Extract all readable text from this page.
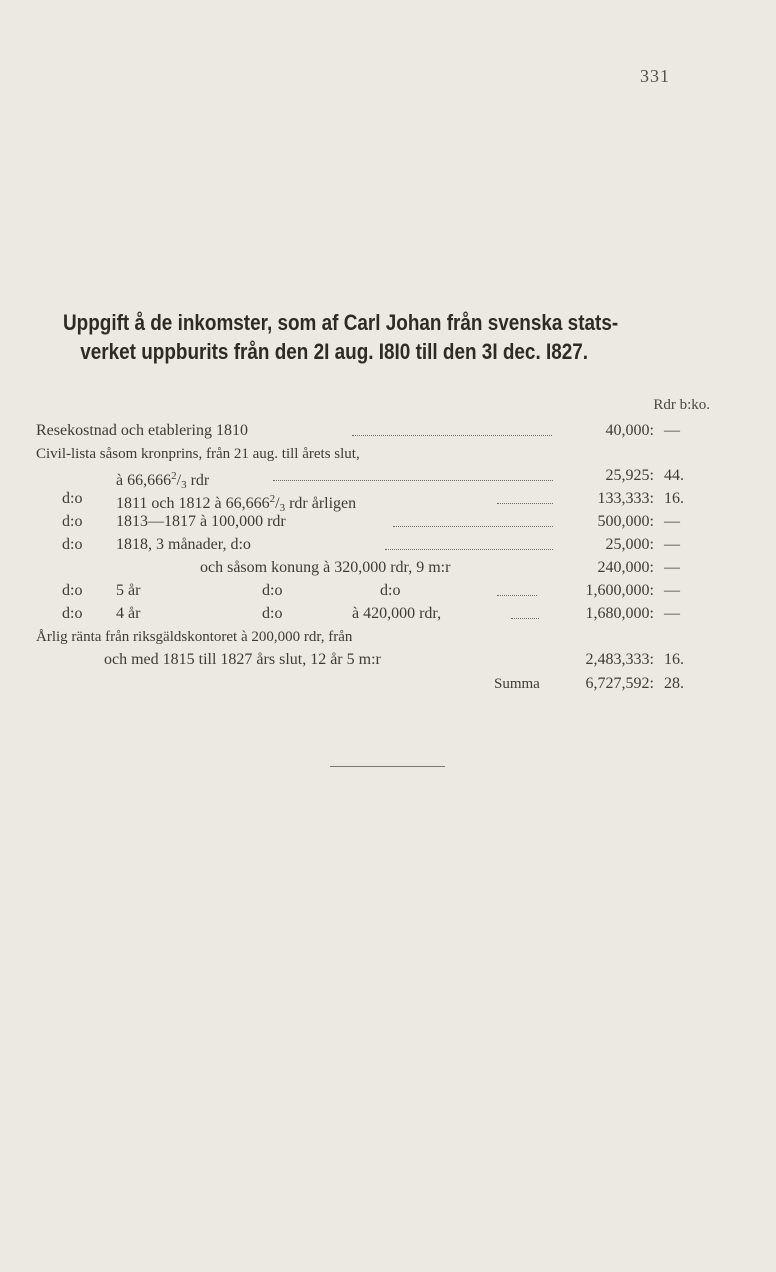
331
Uppgift å de inkomster, som af Carl Johan från svenska stats-
verket uppburits från den 2I aug. I8I0 till den 3I dec. I827.
Rdr b:ko.
Resekostnad och etablering 1810	40,000: —
Civil-lista såsom kronprins, från 21 aug. till årets slut,
à $66,666^2/_3$ rdr	25,925: 44.
d:o 1811 och 1812 à $66,666^2/_3$ rdr årligen	133,333: 16.
d:o 1813—1817 à 100,000 rdr	500,000: —
d:o 1818, 3 månader, d:o	25,000: —
och såsom konung à 320,000 rdr, 9 m:r	240,000: —
d:o 5 år	d:o	d:o	1,600,000: —
d:o 4 år	d:o	à 420,000 rdr,	1,680,000: —
Årlig ränta från riksgäldskontoret à 200,000 rdr, från
och med 1815 till 1827 års slut, 12 år 5 m:r	2,483,333: 16.
Summa	6,727,592: 28.
